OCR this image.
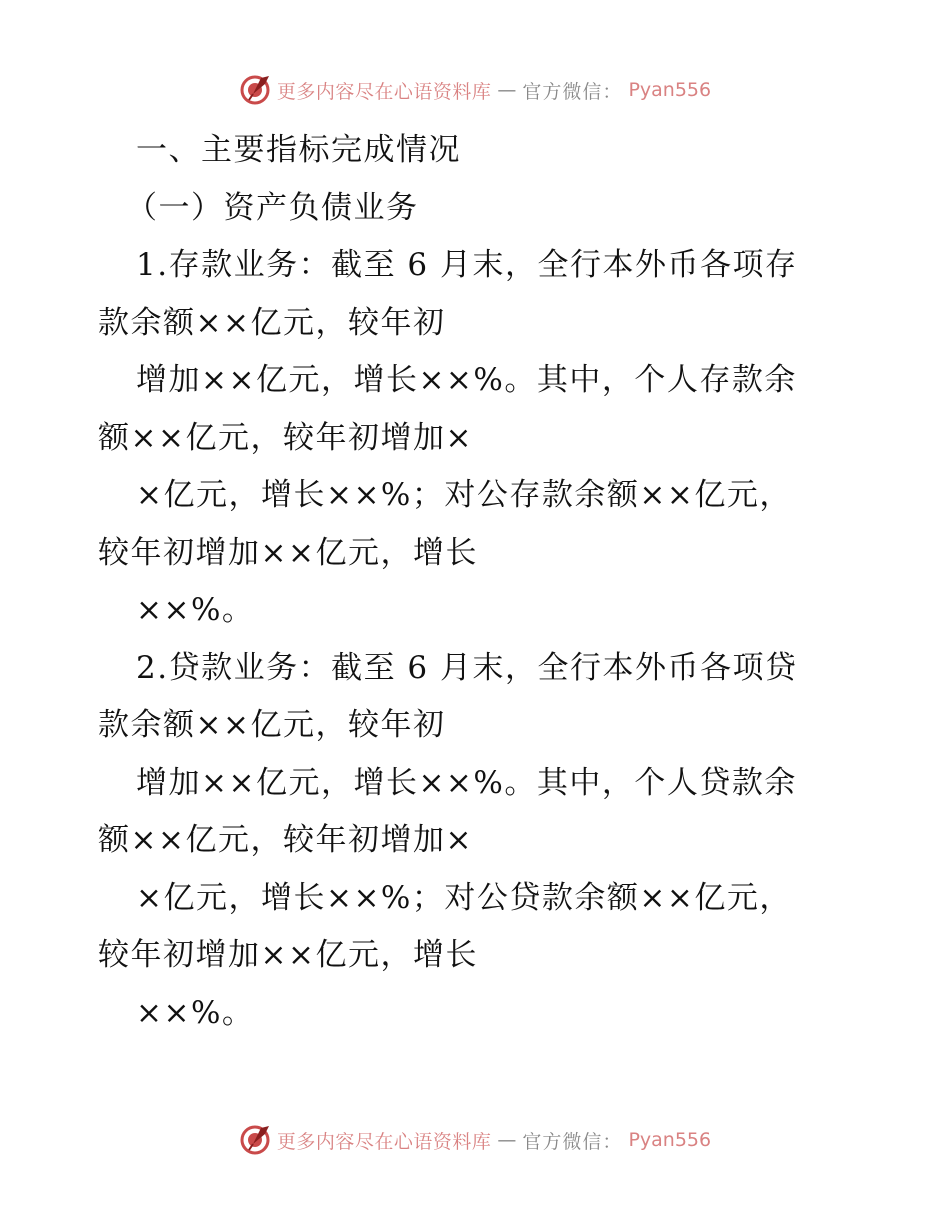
更多内容尽在心语资料库 — 官方微信： Pyan556
一、主要指标完成情况
（一）资产负债业务
1.存款业务：截至 6 月末，全行本外币各项存
款余额××亿元，较年初
增加××亿元，增长××%。其中，个人存款余
额××亿元，较年初增加×
×亿元，增长××%；对公存款余额××亿元，
较年初增加××亿元，增长
××%。
2.贷款业务：截至 6 月末，全行本外币各项贷
款余额××亿元，较年初
增加××亿元，增长××%。其中，个人贷款余
额××亿元，较年初增加×
×亿元，增长××%；对公贷款余额××亿元，
较年初增加××亿元，增长
××%。
更多内容尽在心语资料库 — 官方微信： Pyan556
